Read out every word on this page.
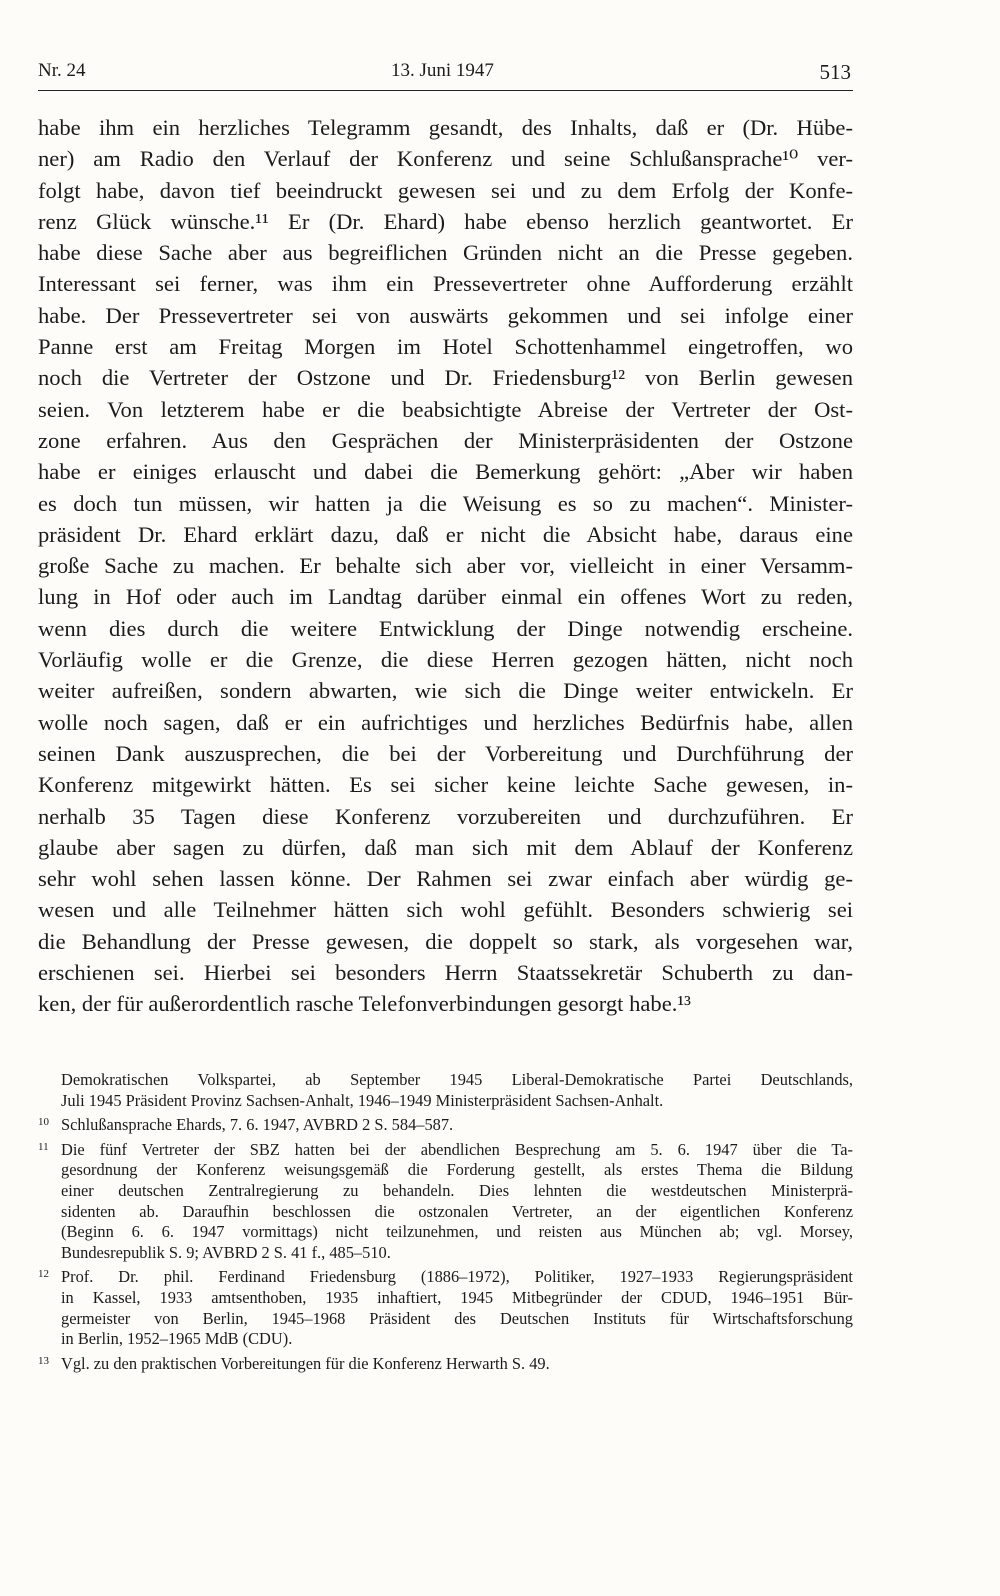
Nr. 24	13. Juni 1947	513
habe ihm ein herzliches Telegramm gesandt, des Inhalts, daß er (Dr. Hübe-
ner) am Radio den Verlauf der Konferenz und seine Schlußansprache¹⁰ ver-
folgt habe, davon tief beeindruckt gewesen sei und zu dem Erfolg der Konfe-
renz Glück wünsche.¹¹ Er (Dr. Ehard) habe ebenso herzlich geantwortet. Er
habe diese Sache aber aus begreiflichen Gründen nicht an die Presse gegeben.
Interessant sei ferner, was ihm ein Pressevertreter ohne Aufforderung erzählt
habe. Der Pressevertreter sei von auswärts gekommen und sei infolge einer
Panne erst am Freitag Morgen im Hotel Schottenhammel eingetroffen, wo
noch die Vertreter der Ostzone und Dr. Friedensburg¹² von Berlin gewesen
seien. Von letzterem habe er die beabsichtigte Abreise der Vertreter der Ost-
zone erfahren. Aus den Gesprächen der Ministerpräsidenten der Ostzone
habe er einiges erlauscht und dabei die Bemerkung gehört: „Aber wir haben
es doch tun müssen, wir hatten ja die Weisung es so zu machen“. Minister-
präsident Dr. Ehard erklärt dazu, daß er nicht die Absicht habe, daraus eine
große Sache zu machen. Er behalte sich aber vor, vielleicht in einer Versamm-
lung in Hof oder auch im Landtag darüber einmal ein offenes Wort zu reden,
wenn dies durch die weitere Entwicklung der Dinge notwendig erscheine.
Vorläufig wolle er die Grenze, die diese Herren gezogen hätten, nicht noch
weiter aufreißen, sondern abwarten, wie sich die Dinge weiter entwickeln. Er
wolle noch sagen, daß er ein aufrichtiges und herzliches Bedürfnis habe, allen
seinen Dank auszusprechen, die bei der Vorbereitung und Durchführung der
Konferenz mitgewirkt hätten. Es sei sicher keine leichte Sache gewesen, in-
nerhalb 35 Tagen diese Konferenz vorzubereiten und durchzuführen. Er
glaube aber sagen zu dürfen, daß man sich mit dem Ablauf der Konferenz
sehr wohl sehen lassen könne. Der Rahmen sei zwar einfach aber würdig ge-
wesen und alle Teilnehmer hätten sich wohl gefühlt. Besonders schwierig sei
die Behandlung der Presse gewesen, die doppelt so stark, als vorgesehen war,
erschienen sei. Hierbei sei besonders Herrn Staatssekretär Schuberth zu dan-
ken, der für außerordentlich rasche Telefonverbindungen gesorgt habe.¹³
Demokratischen Volkspartei, ab September 1945 Liberal-Demokratische Partei Deutschlands,
Juli 1945 Präsident Provinz Sachsen-Anhalt, 1946–1949 Ministerpräsident Sachsen-Anhalt.
10 Schlußansprache Ehards, 7. 6. 1947, AVBRD 2 S. 584–587.
11 Die fünf Vertreter der SBZ hatten bei der abendlichen Besprechung am 5. 6. 1947 über die Ta-
gesordnung der Konferenz weisungsgemäß die Forderung gestellt, als erstes Thema die Bildung
einer deutschen Zentralregierung zu behandeln. Dies lehnten die westdeutschen Ministerprä-
sidenten ab. Daraufhin beschlossen die ostzonalen Vertreter, an der eigentlichen Konferenz
(Beginn 6. 6. 1947 vormittags) nicht teilzunehmen, und reisten aus München ab; vgl. Morsey,
Bundesrepublik S. 9; AVBRD 2 S. 41 f., 485–510.
12 Prof. Dr. phil. Ferdinand Friedensburg (1886–1972), Politiker, 1927–1933 Regierungspräsident
in Kassel, 1933 amtsenthoben, 1935 inhaftiert, 1945 Mitbegründer der CDUD, 1946–1951 Bür-
germeister von Berlin, 1945–1968 Präsident des Deutschen Instituts für Wirtschaftsforschung
in Berlin, 1952–1965 MdB (CDU).
13 Vgl. zu den praktischen Vorbereitungen für die Konferenz Herwarth S. 49.
